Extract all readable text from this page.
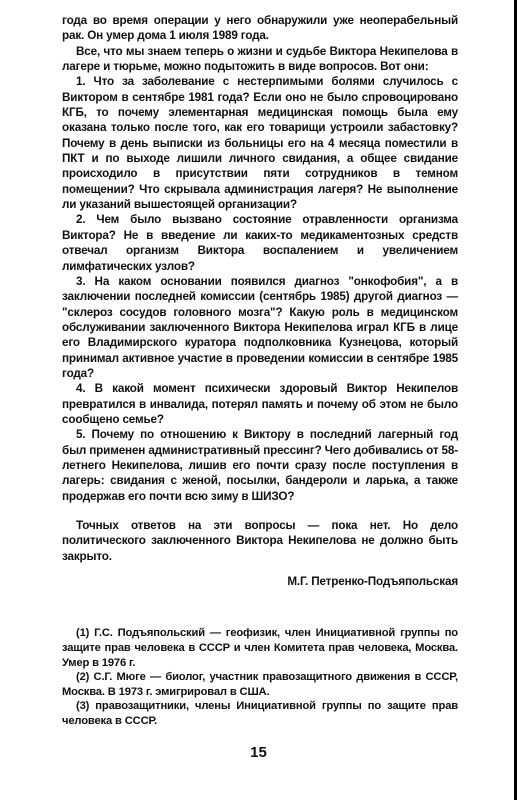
года во время операции у него обнаружили уже неоперабельный рак. Он умер дома 1 июля 1989 года.

Все, что мы знаем теперь о жизни и судьбе Виктора Некипелова в лагере и тюрьме, можно подытожить в виде вопросов. Вот они:

1. Что за заболевание с нестерпимыми болями случилось с Виктором в сентябре 1981 года? Если оно не было спровоцировано КГБ, то почему элементарная медицинская помощь была ему оказана только после того, как его товарищи устроили забастовку? Почему в день выписки из больницы его на 4 месяца поместили в ПКТ и по выходе лишили личного свидания, а общее свидание происходило в присутствии пяти сотрудников в темном помещении? Что скрывала администрация лагеря? Не выполнение ли указаний вышестоящей организации?

2. Чем было вызвано состояние отравленности организма Виктора? Не в введение ли каких-то медикаментозных средств отвечал организм Виктора воспалением и увеличением лимфатических узлов?

3. На каком основании появился диагноз "онкофобия", а в заключении последней комиссии (сентябрь 1985) другой диагноз — "склероз сосудов головного мозга"? Какую роль в медицинском обслуживании заключенного Виктора Некипелова играл КГБ в лице его Владимирского куратора подполковника Кузнецова, который принимал активное участие в проведении комиссии в сентябре 1985 года?

4. В какой момент психически здоровый Виктор Некипелов превратился в инвалида, потерял память и почему об этом не было сообщено семье?

5. Почему по отношению к Виктору в последний лагерный год был применен административный прессинг? Чего добивались от 58-летнего Некипелова, лишив его почти сразу после поступления в лагерь: свидания с женой, посылки, бандероли и ларька, а также продержав его почти всю зиму в ШИЗО?

Точных ответов на эти вопросы — пока нет. Но дело политического заключенного Виктора Некипелова не должно быть закрыто.

М.Г. Петренко-Подъяпольская

(1) Г.С. Подъяпольский — геофизик, член Инициативной группы по защите прав человека в СССР и член Комитета прав человека, Москва. Умер в 1976 г.

(2) С.Г. Мюге — биолог, участник правозащитного движения в СССР, Москва. В 1973 г. эмигрировал в США.

(3) правозащитники, члены Инициативной группы по защите прав человека в СССР.

15
